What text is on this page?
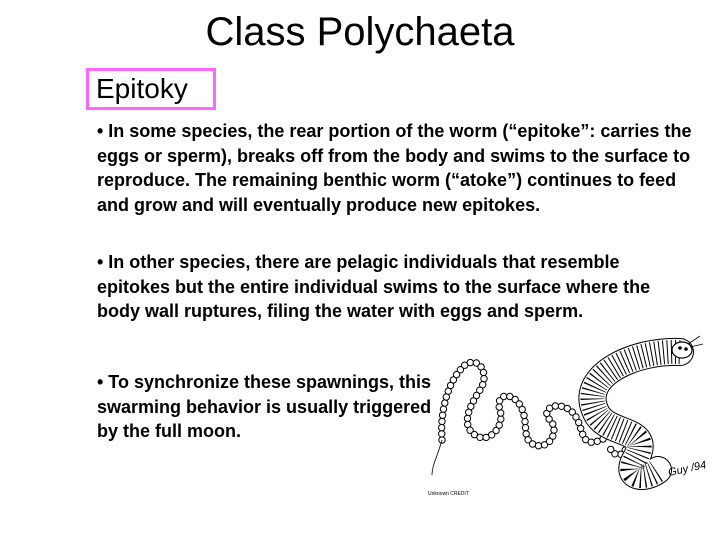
Class Polychaeta
Epitoky

• In some species, the rear portion of the worm (“epitoke”: carries the eggs or sperm), breaks off from the body and swims to the surface to reproduce. The remaining benthic worm (“atoke”) continues to feed and grow and will eventually produce new epitokes.

• In other species, there are pelagic individuals that resemble epitokes but the entire individual swims to the surface where the body wall ruptures, filing the water with eggs and sperm.

• To synchronize these spawnings, this swarming behavior is usually triggered by the full moon.

Guy /94
Unknown CREDIT
